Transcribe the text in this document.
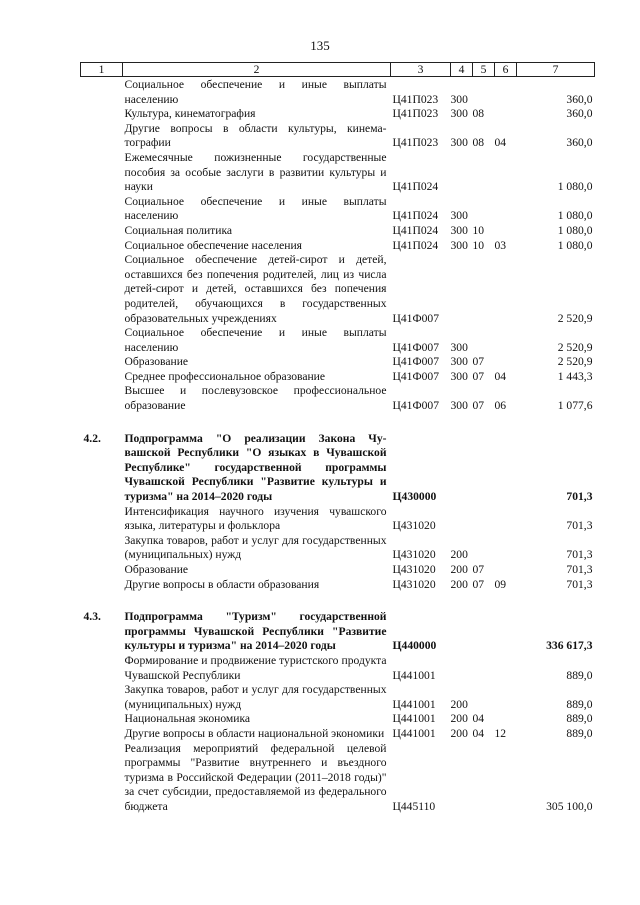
135
1	2	3	4	5	6	7
	Социальное обеспечение и иные выплаты населению	Ц41П023	300			360,0
	Культура, кинематография	Ц41П023	300	08		360,0
	Другие вопросы в области культуры, кинематографии	Ц41П023	300	08	04	360,0
	Ежемесячные пожизненные государственные пособия за особые заслуги в развитии культуры и науки	Ц41П024				1 080,0
	Социальное обеспечение и иные выплаты населению	Ц41П024	300			1 080,0
	Социальная политика	Ц41П024	300	10		1 080,0
	Социальное обеспечение населения	Ц41П024	300	10	03	1 080,0
	Социальное обеспечение детей-сирот и детей, оставшихся без попечения родителей, лиц из числа детей-сирот и детей, оставшихся без попечения родителей, обучающихся в государственных образовательных учреждениях	Ц41Ф007				2 520,9
	Социальное обеспечение и иные выплаты населению	Ц41Ф007	300			2 520,9
	Образование	Ц41Ф007	300	07		2 520,9
	Среднее профессиональное образование	Ц41Ф007	300	07	04	1 443,3
	Высшее и послевузовское профессиональное образование	Ц41Ф007	300	07	06	1 077,6

4.2.	Подпрограмма "О реализации Закона Чувашской Республики "О языках в Чувашской Республике" государственной программы Чувашской Республики "Развитие культуры и туризма" на 2014–2020 годы	Ц430000				701,3
	Интенсификация научного изучения чувашского языка, литературы и фольклора	Ц431020				701,3
	Закупка товаров, работ и услуг для государственных (муниципальных) нужд	Ц431020	200			701,3
	Образование	Ц431020	200	07		701,3
	Другие вопросы в области образования	Ц431020	200	07	09	701,3

4.3.	Подпрограмма "Туризм" государственной программы Чувашской Республики "Развитие культуры и туризма" на 2014–2020 годы	Ц440000				336 617,3
	Формирование и продвижение туристского продукта Чувашской Республики	Ц441001				889,0
	Закупка товаров, работ и услуг для государственных (муниципальных) нужд	Ц441001	200			889,0
	Национальная экономика	Ц441001	200	04		889,0
	Другие вопросы в области национальной экономики	Ц441001	200	04	12	889,0
	Реализация мероприятий федеральной целевой программы "Развитие внутреннего и въездного туризма в Российской Федерации (2011–2018 годы)" за счет субсидии, предоставляемой из федерального бюджета	Ц445110				305 100,0
